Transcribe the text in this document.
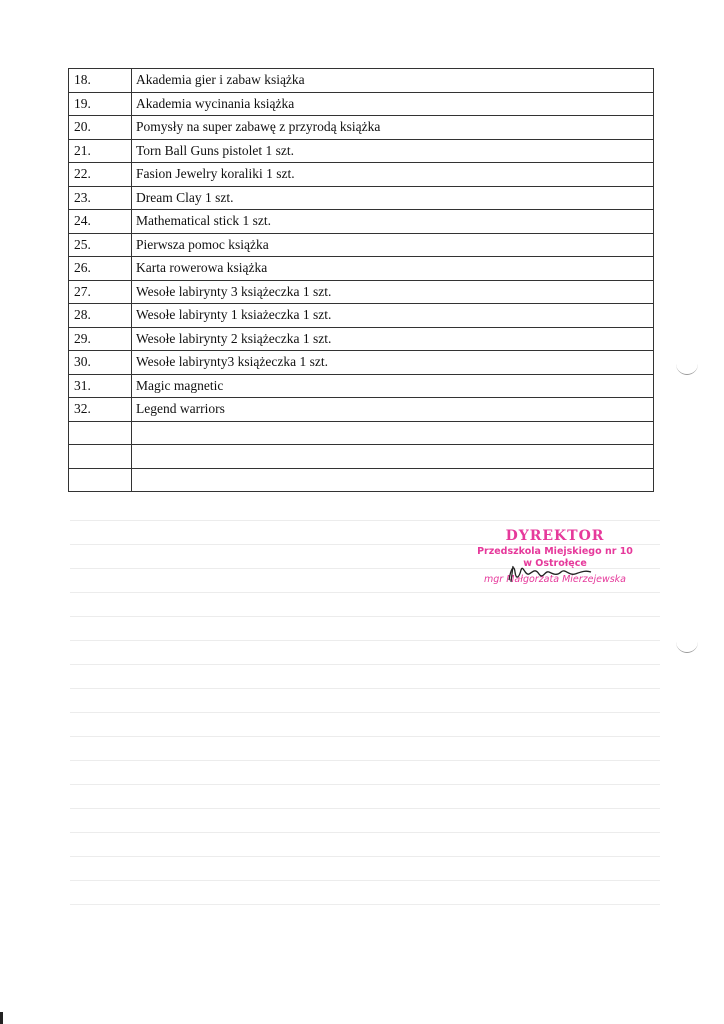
18.	Akademia gier i zabaw książka
19.	Akademia wycinania książka
20.	Pomysły na super zabawę z przyrodą książka
21.	Torn Ball Guns pistolet 1 szt.
22.	Fasion Jewelry koraliki 1 szt.
23.	Dream Clay 1 szt.
24.	Mathematical stick 1 szt.
25.	Pierwsza pomoc książka
26.	Karta rowerowa książka
27.	Wesołe labirynty 3 książeczka 1 szt.
28.	Wesołe labirynty 1 ksiażeczka 1 szt.
29.	Wesołe labirynty 2 książeczka 1 szt.
30.	Wesołe labirynty3 książeczka 1 szt.
31.	Magic magnetic
32.	Legend warriors

DYREKTOR
Przedszkola Miejskiego nr 10
w Ostrołęce
mgr Małgorzata Mierzejewska
